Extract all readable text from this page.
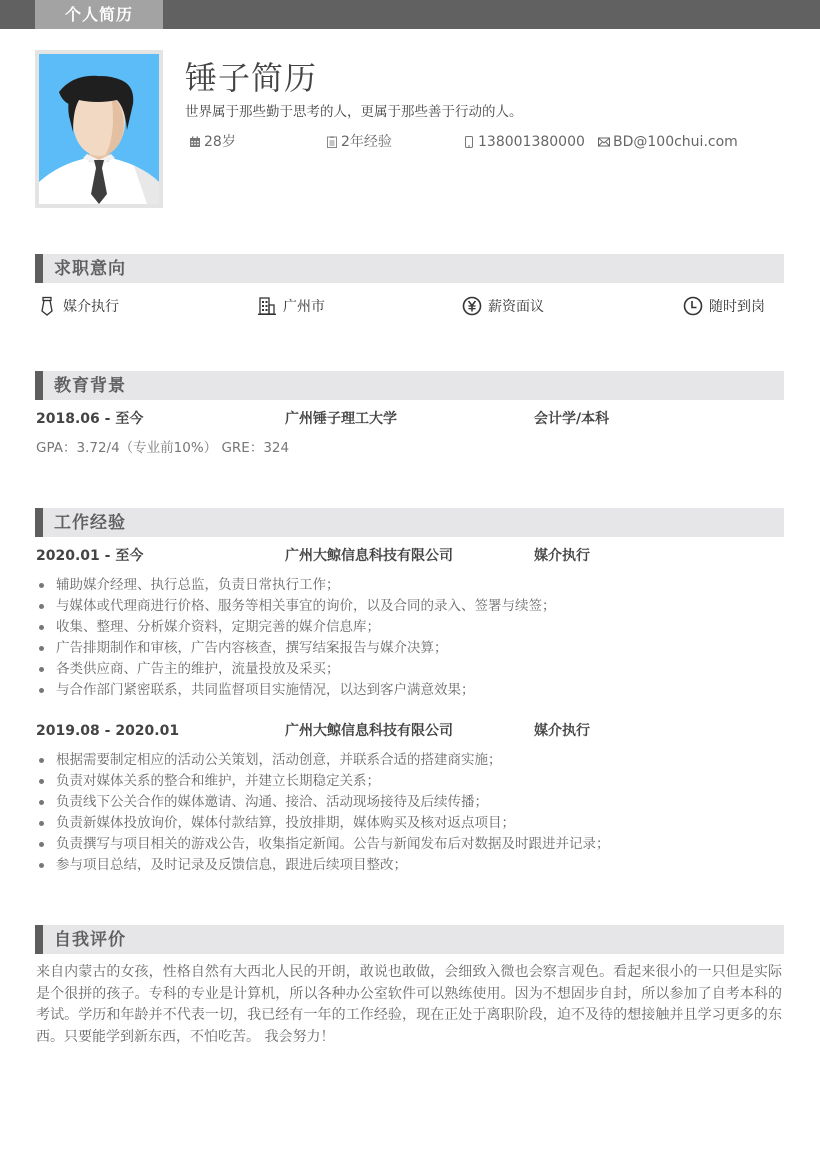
个人简历
锤子简历
世界属于那些勤于思考的人，更属于那些善于行动的人。
28岁	2年经验	138001380000 BD@100chui.com
求职意向
媒介执行	广州市	薪资面议	随时到岗
教育背景
2018.06 - 至今	广州锤子理工大学	会计学/本科
GPA：3.72/4（专业前10%） GRE：324
工作经验
2020.01 - 至今	广州大鲸信息科技有限公司	媒介执行
辅助媒介经理、执行总监，负责日常执行工作；
与媒体或代理商进行价格、服务等相关事宜的询价，以及合同的录入、签署与续签；
收集、整理、分析媒介资料，定期完善的媒介信息库；
广告排期制作和审核，广告内容核查，撰写结案报告与媒介决算；
各类供应商、广告主的维护，流量投放及采买；
与合作部门紧密联系，共同监督项目实施情况，以达到客户满意效果；
2019.08 - 2020.01	广州大鲸信息科技有限公司	媒介执行
根据需要制定相应的活动公关策划，活动创意，并联系合适的搭建商实施；
负责对媒体关系的整合和维护，并建立长期稳定关系；
负责线下公关合作的媒体邀请、沟通、接洽、活动现场接待及后续传播；
负责新媒体投放询价，媒体付款结算，投放排期，媒体购买及核对返点项目；
负责撰写与项目相关的游戏公告，收集指定新闻。公告与新闻发布后对数据及时跟进并记录；
参与项目总结，及时记录及反馈信息，跟进后续项目整改；
自我评价
来自内蒙古的女孩，性格自然有大西北人民的开朗，敢说也敢做，会细致入微也会察言观色。看起来很小的一只但是实际是个很拼的孩子。专科的专业是计算机，所以各种办公室软件可以熟练使用。因为不想固步自封，所以参加了自考本科的考试。学历和年龄并不代表一切，我已经有一年的工作经验，现在正处于离职阶段，迫不及待的想接触并且学习更多的东西。只要能学到新东西，不怕吃苦。 我会努力！
